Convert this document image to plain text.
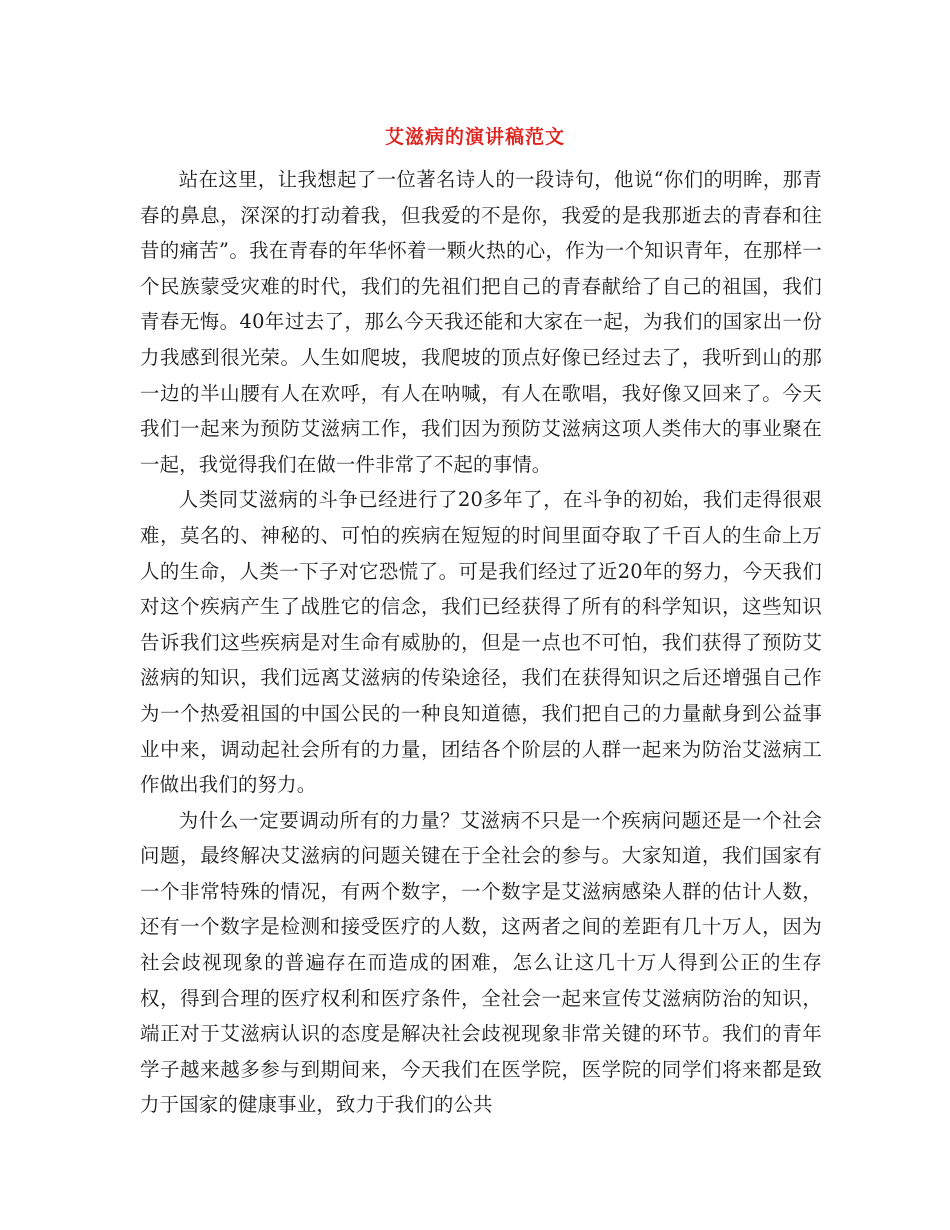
艾滋病的演讲稿范文

站在这里，让我想起了一位著名诗人的一段诗句，他说“你们的明眸，那青春的鼻息，深深的打动着我，但我爱的不是你，我爱的是我那逝去的青春和往昔的痛苦”。我在青春的年华怀着一颗火热的心，作为一个知识青年，在那样一个民族蒙受灾难的时代，我们的先祖们把自己的青春献给了自己的祖国，我们青春无悔。40年过去了，那么今天我还能和大家在一起，为我们的国家出一份力我感到很光荣。人生如爬坡，我爬坡的顶点好像已经过去了，我听到山的那一边的半山腰有人在欢呼，有人在呐喊，有人在歌唱，我好像又回来了。今天我们一起来为预防艾滋病工作，我们因为预防艾滋病这项人类伟大的事业聚在一起，我觉得我们在做一件非常了不起的事情。

人类同艾滋病的斗争已经进行了20多年了，在斗争的初始，我们走得很艰难，莫名的、神秘的、可怕的疾病在短短的时间里面夺取了千百人的生命上万人的生命，人类一下子对它恐慌了。可是我们经过了近20年的努力，今天我们对这个疾病产生了战胜它的信念，我们已经获得了所有的科学知识，这些知识告诉我们这些疾病是对生命有威胁的，但是一点也不可怕，我们获得了预防艾滋病的知识，我们远离艾滋病的传染途径，我们在获得知识之后还增强自己作为一个热爱祖国的中国公民的一种良知道德，我们把自己的力量献身到公益事业中来，调动起社会所有的力量，团结各个阶层的人群一起来为防治艾滋病工作做出我们的努力。

为什么一定要调动所有的力量？艾滋病不只是一个疾病问题还是一个社会问题，最终解决艾滋病的问题关键在于全社会的参与。大家知道，我们国家有一个非常特殊的情况，有两个数字，一个数字是艾滋病感染人群的估计人数，还有一个数字是检测和接受医疗的人数，这两者之间的差距有几十万人，因为社会歧视现象的普遍存在而造成的困难，怎么让这几十万人得到公正的生存权，得到合理的医疗权利和医疗条件，全社会一起来宣传艾滋病防治的知识，端正对于艾滋病认识的态度是解决社会歧视现象非常关键的环节。我们的青年学子越来越多参与到期间来，今天我们在医学院，医学院的同学们将来都是致力于国家的健康事业，致力于我们的公共
